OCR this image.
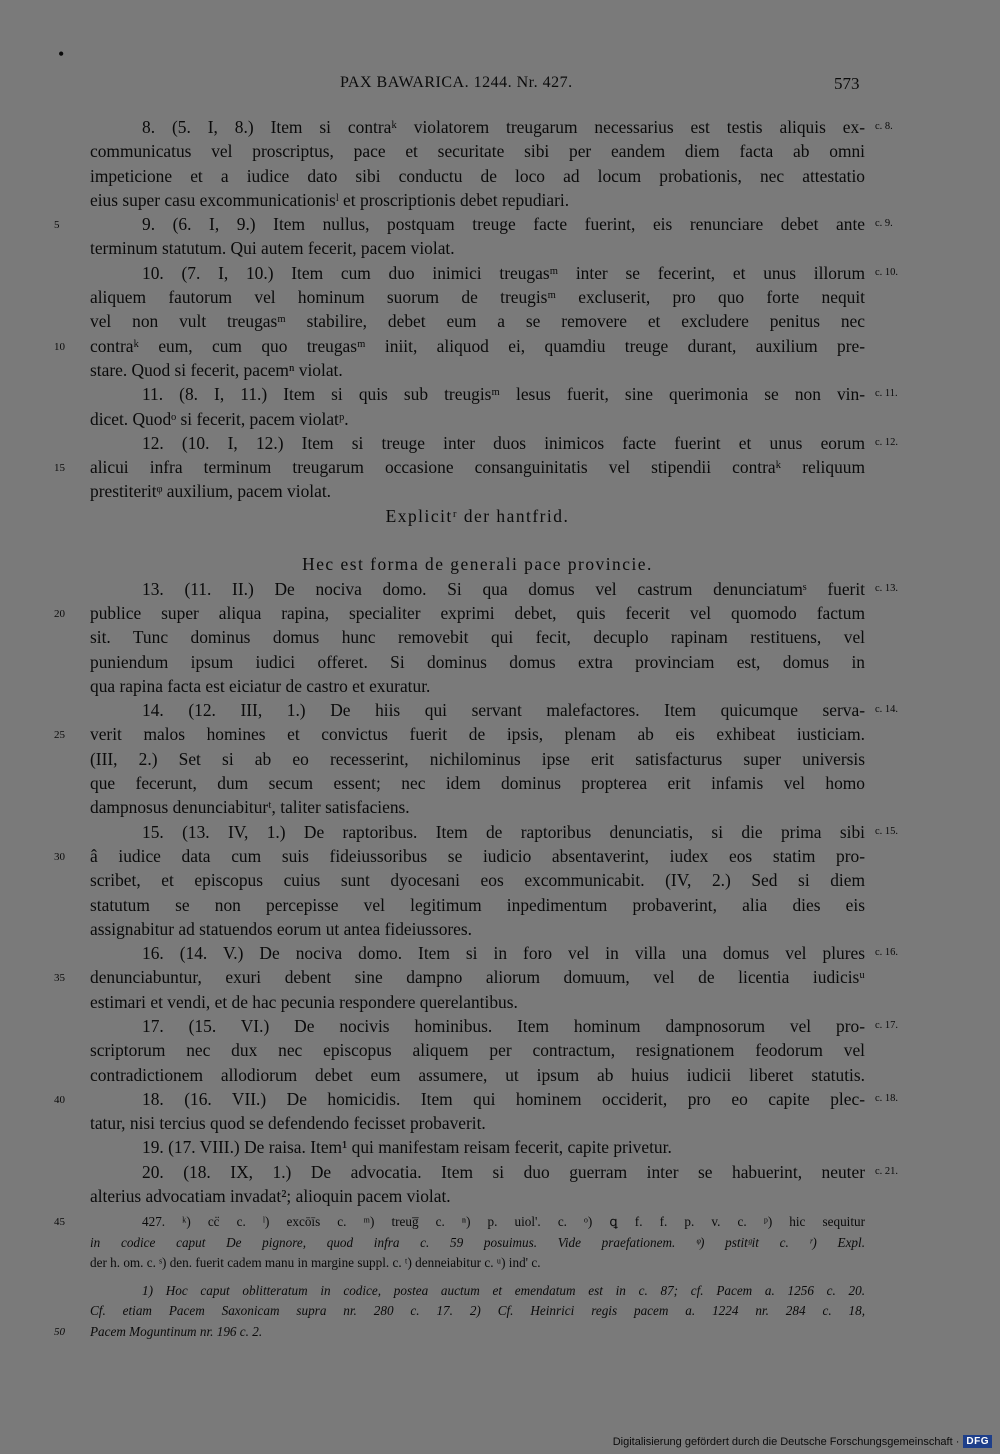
•
PAX BAWARICA. 1244. Nr. 427.	573
8. (5. I, 8.) Item si contraᵏ violatorem treugarum necessarius est testis aliquis ex- c. 8.
communicatus vel proscriptus, pace et securitate sibi per eandem diem facta ab omni
impeticione et a iudice dato sibi conductu de loco ad locum probationis, nec attestatio
eius super casu excommunicationisˡ et proscriptionis debet repudiari.
9. (6. I, 9.) Item nullus, postquam treuge facte fuerint, eis renunciare debet ante
5	c. 9.
terminum statutum. Qui autem fecerit, pacem violat.
10. (7. I, 10.) Item cum duo inimici treugasᵐ inter se fecerint, et unus illorum c. 10.
aliquem fautorum vel hominum suorum de treugisᵐ excluserit, pro quo forte nequit
vel non vult treugasᵐ stabilire, debet eum a se removere et excludere penitus nec
contraᵏ eum, cum quo treugasᵐ iniit, aliquod ei, quamdiu treuge durant, auxilium pre-
10
stare. Quod si fecerit, pacemⁿ violat.
11. (8. I, 11.) Item si quis sub treugisᵐ lesus fuerit, sine querimonia se non vin- c. 11.
dicet. Quodᵒ si fecerit, pacem violatᵖ.
12. (10. I, 12.) Item si treuge inter duos inimicos facte fuerint et unus eorum c. 12.
alicui infra terminum treugarum occasione consanguinitatis vel stipendii contraᵏ reliquum
15
prestiteritᵠ auxilium, pacem violat.
Explicitʳ der hantfrid.
Hec est forma de generali pace provincie.
13. (11. II.) De nociva domo. Si qua domus vel castrum denunciatumˢ fuerit c. 13.
publice super aliqua rapina, specialiter exprimi debet, quis fecerit vel quomodo factum
20
sit. Tunc dominus domus hunc removebit qui fecit, decuplo rapinam restituens, vel
puniendum ipsum iudici offeret. Si dominus domus extra provinciam est, domus in
qua rapina facta est eiciatur de castro et exuratur.
14. (12. III, 1.) De hiis qui servant malefactores. Item quicumque serva- c. 14.
verit malos homines et convictus fuerit de ipsis, plenam ab eis exhibeat iusticiam.
25
(III, 2.) Set si ab eo recesserint, nichilominus ipse erit satisfacturus super universis
que fecerunt, dum secum essent; nec idem dominus propterea erit infamis vel homo
dampnosus denunciabiturᵗ, taliter satisfaciens.
15. (13. IV, 1.) De raptoribus. Item de raptoribus denunciatis, si die prima sibi c. 15.
â iudice data cum suis fideiussoribus se iudicio absentaverint, iudex eos statim pro-
30
scribet, et episcopus cuius sunt dyocesani eos excommunicabit. (IV, 2.) Sed si diem
statutum se non percepisse vel legitimum inpedimentum probaverint, alia dies eis
assignabitur ad statuendos eorum ut antea fideiussores.
16. (14. V.) De nociva domo. Item si in foro vel in villa una domus vel plures c. 16.
denunciabuntur, exuri debent sine dampno aliorum domuum, vel de licentia iudicisᵘ
35
estimari et vendi, et de hac pecunia respondere querelantibus.
17. (15. VI.) De nocivis hominibus. Item hominum dampnosorum vel pro- c. 17.
scriptorum nec dux nec episcopus aliquem per contractum, resignationem feodorum vel
contradictionem allodiorum debet eum assumere, ut ipsum ab huius iudicii liberet statutis.
18. (16. VII.) De homicidis. Item qui hominem occiderit, pro eo capite plec-
40	c. 18.
tatur, nisi tercius quod se defendendo fecisset probaverit.
19. (17. VIII.) De raisa. Item¹ qui manifestam reisam fecerit, capite privetur.
20. (18. IX, 1.) De advocatia. Item si duo guerram inter se habuerint, neuter c. 21.
alterius advocatiam invadat²; alioquin pacem violat.
427. ᵏ) cc̈ c. ˡ) excōīs c. ᵐ) treug̅ c. ⁿ) p. uiol'. c. ᵒ) ꝗ f. f. p. v. c. ᵖ) hic sequitur
45
in codice caput De pignore, quod infra c. 59 posuimus. Vide praefationem. ᵠ) pstitᵍit c. ʳ) Expl.
der h. om. c. ˢ) den. fuerit cadem manu in margine suppl. c. ᵗ) denneiabitur c. ᵘ) ind' c.
1) Hoc caput oblitteratum in codice, postea auctum et emendatum est in c. 87; cf. Pacem a. 1256 c. 20.
Cf. etiam Pacem Saxonicam supra nr. 280 c. 17. 2) Cf. Heinrici regis pacem a. 1224 nr. 284 c. 18,
Pacem Moguntinum nr. 196 c. 2.
50
Digitalisierung gefördert durch die Deutsche Forschungsgemeinschaft · DFG
